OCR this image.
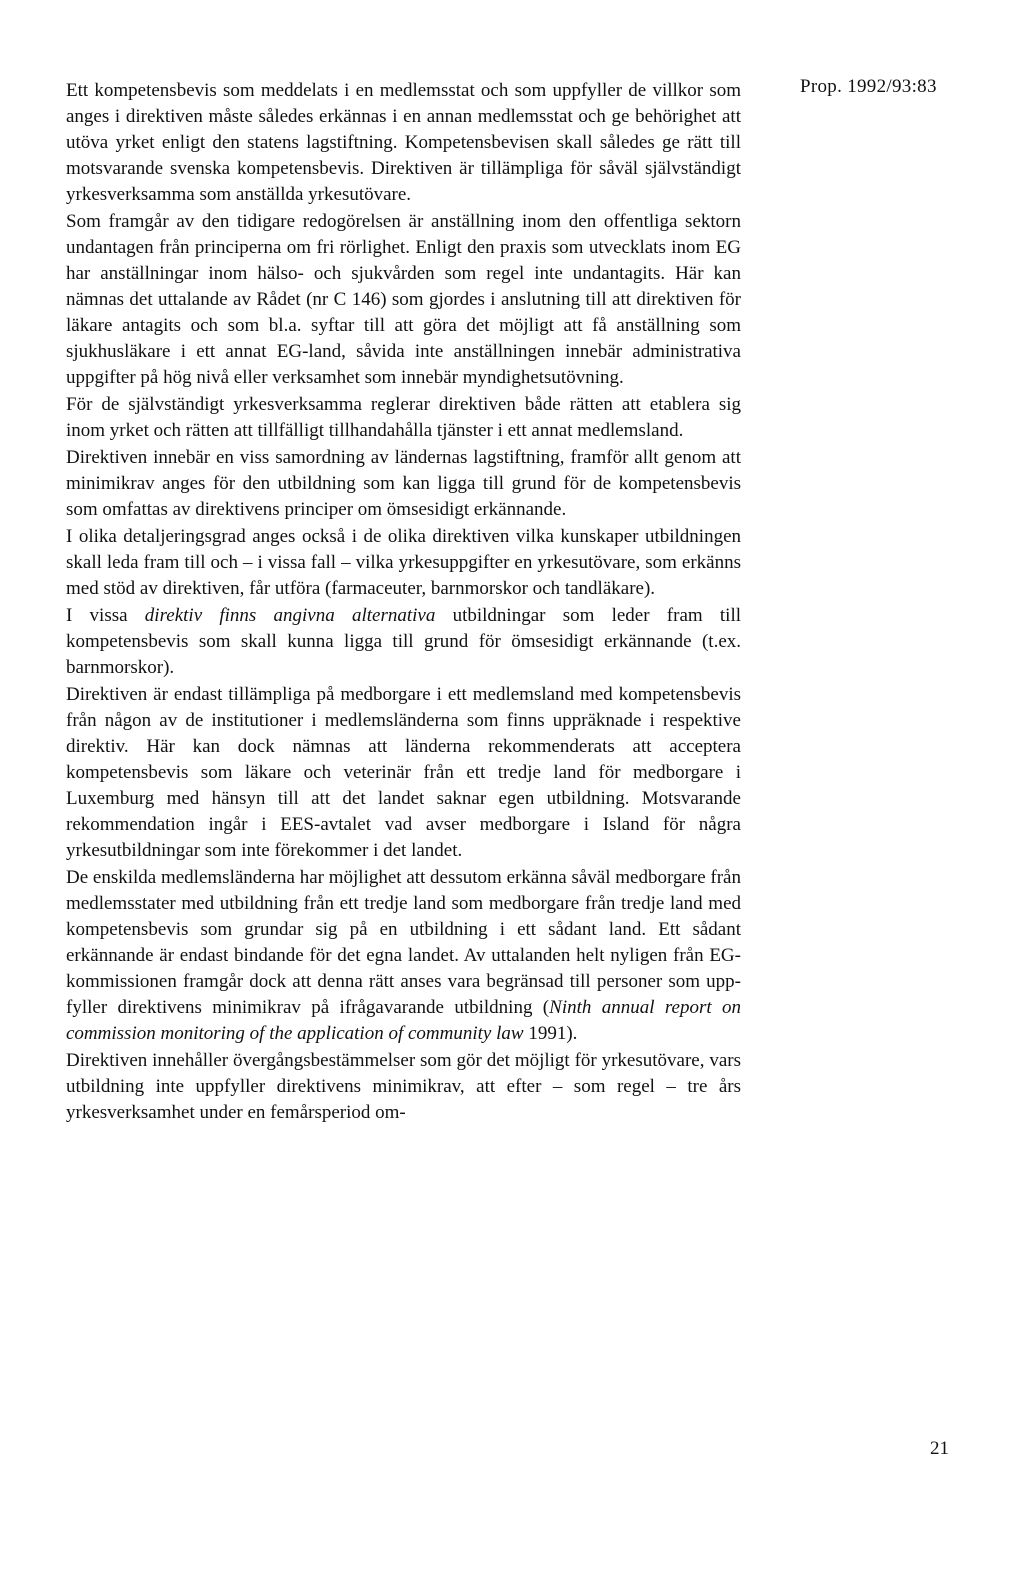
Prop. 1992/93:83

Ett kompetensbevis som meddelats i en medlemsstat och som uppfyller de villkor som anges i direktiven måste således erkännas i en annan medlemsstat och ge behörighet att utöva yrket enligt den statens lagstiftning. Kompetensbevisen skall således ge rätt till motsvarande svenska kompetensbevis. Direktiven är tillämpliga för såväl självständigt yrkesverksamma som anställda yrkesutövare.

Som framgår av den tidigare redogörelsen är anställning inom den offentliga sektorn undantagen från principerna om fri rörlighet. Enligt den praxis som utvecklats inom EG har anställningar inom hälso- och sjukvården som regel inte undantagits. Här kan nämnas det uttalande av Rådet (nr C 146) som gjordes i anslutning till att direktiven för läkare antagits och som bl.a. syftar till att göra det möjligt att få anställning som sjukhusläkare i ett annat EG-land, såvida inte anställningen innebär administrativa uppgifter på hög nivå eller verksamhet som innebär myndighetsutövning.

För de självständigt yrkesverksamma reglerar direktiven både rätten att etablera sig inom yrket och rätten att tillfälligt tillhandahålla tjänster i ett annat medlemsland.

Direktiven innebär en viss samordning av ländernas lagstiftning, framför allt genom att minimikrav anges för den utbildning som kan ligga till grund för de kompetensbevis som omfattas av direktivens principer om ömsesidigt erkännande.

I olika detaljeringsgrad anges också i de olika direktiven vilka kunskaper utbildningen skall leda fram till och – i vissa fall – vilka yrkesuppgifter en yrkesutövare, som erkänns med stöd av direktiven, får utföra (farmaceuter, barnmorskor och tandläkare).

I vissa direktiv finns angivna alternativa utbildningar som leder fram till kompetensbevis som skall kunna ligga till grund för ömsesidigt erkännande (t.ex. barnmorskor).

Direktiven är endast tillämpliga på medborgare i ett medlemsland med kompetensbevis från någon av de institutioner i medlemsländerna som finns uppräknade i respektive direktiv. Här kan dock nämnas att länderna rekommenderats att acceptera kompetensbevis som läkare och veterinär från ett tredje land för medborgare i Luxemburg med hänsyn till att det landet saknar egen utbildning. Motsvarande rekommendation ingår i EES-avtalet vad avser medborgare i Island för några yrkesutbildningar som inte förekommer i det landet.

De enskilda medlemsländerna har möjlighet att dessutom erkänna såväl medborgare från medlemsstater med utbildning från ett tredje land som medborgare från tredje land med kompetensbevis som grundar sig på en utbildning i ett sådant land. Ett sådant erkännande är endast bindande för det egna landet. Av uttalanden helt nyligen från EG-kommissionen framgår dock att denna rätt anses vara begränsad till personer som uppfyller direktivens minimikrav på ifrågavarande utbildning (Ninth annual report on commission monitoring of the application of community law 1991).

Direktiven innehåller övergångsbestämmelser som gör det möjligt för yrkesutövare, vars utbildning inte uppfyller direktivens minimikrav, att efter – som regel – tre års yrkesverksamhet under en femårsperiod om-

21
